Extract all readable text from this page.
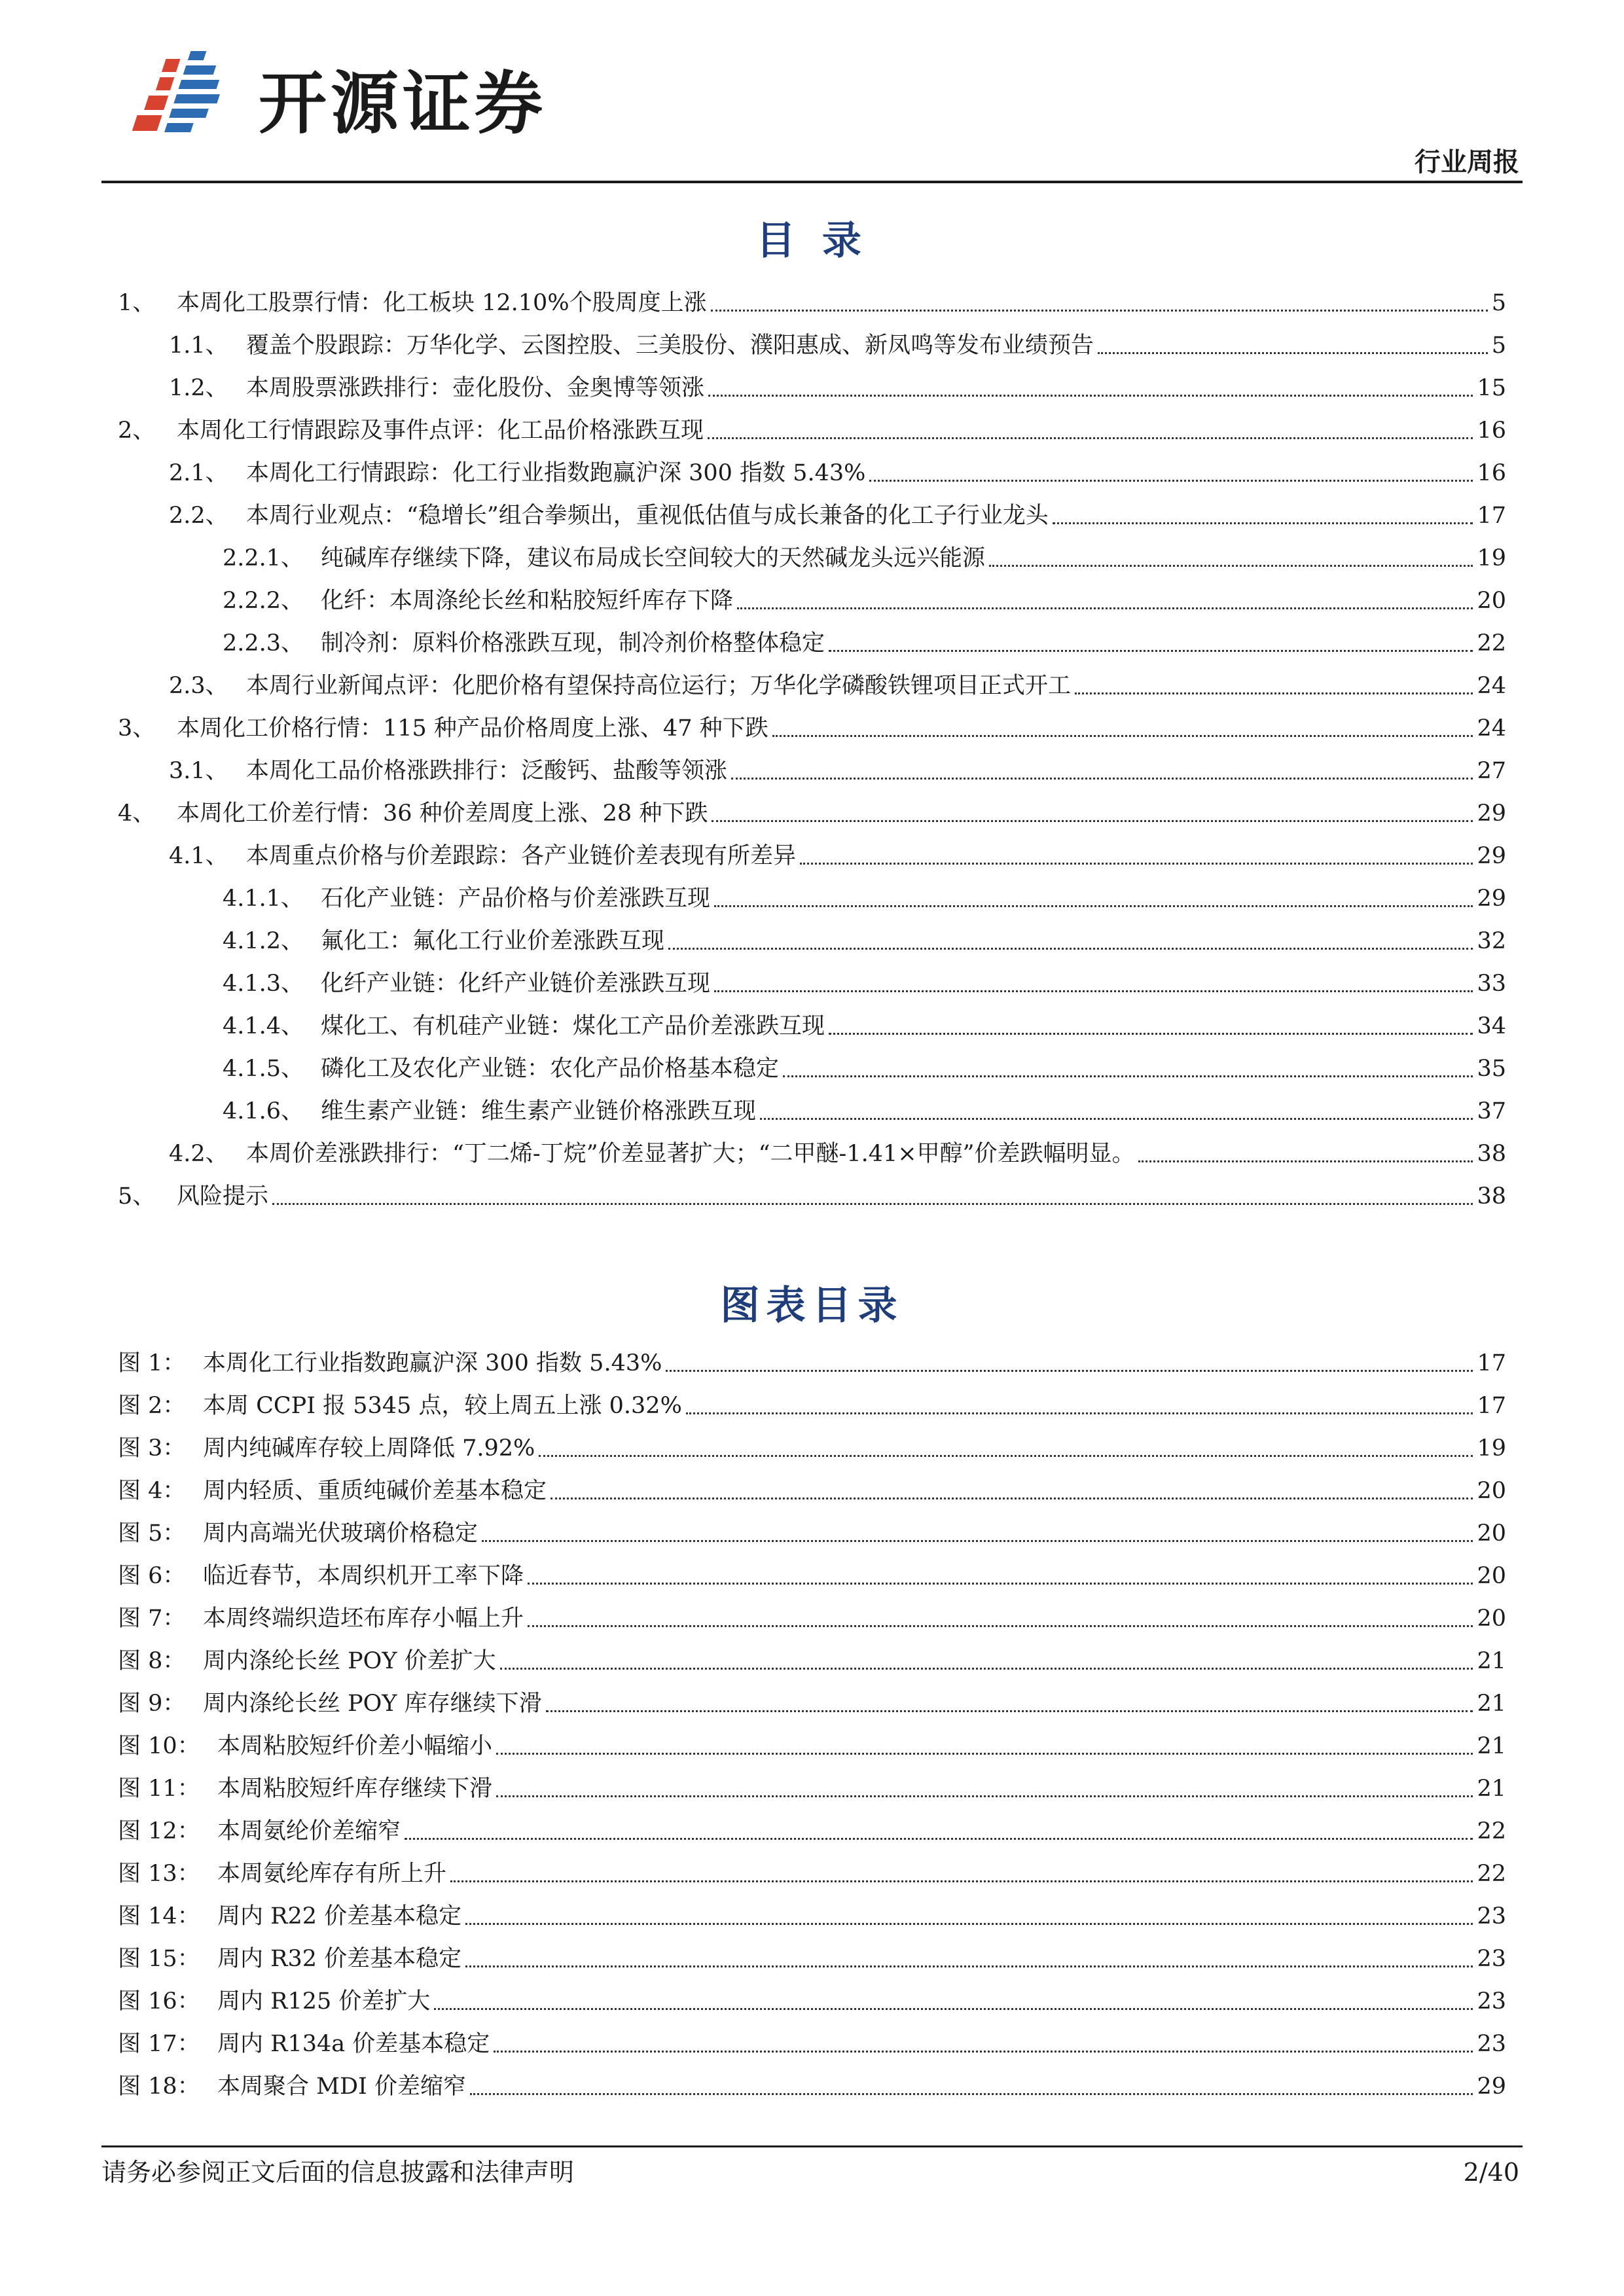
开源证券
行业周报
目 录
1、 本周化工股票行情：化工板块 12.10%个股周度上涨	5
1.1、 覆盖个股跟踪：万华化学、云图控股、三美股份、濮阳惠成、新凤鸣等发布业绩预告	5
1.2、 本周股票涨跌排行：壶化股份、金奥博等领涨	15
2、 本周化工行情跟踪及事件点评：化工品价格涨跌互现	16
2.1、 本周化工行情跟踪：化工行业指数跑赢沪深 300 指数 5.43%	16
2.2、 本周行业观点：“稳增长”组合拳频出，重视低估值与成长兼备的化工子行业龙头	17
2.2.1、 纯碱库存继续下降，建议布局成长空间较大的天然碱龙头远兴能源	19
2.2.2、 化纤：本周涤纶长丝和粘胶短纤库存下降	20
2.2.3、 制冷剂：原料价格涨跌互现，制冷剂价格整体稳定	22
2.3、 本周行业新闻点评：化肥价格有望保持高位运行；万华化学磷酸铁锂项目正式开工	24
3、 本周化工价格行情：115 种产品价格周度上涨、47 种下跌	24
3.1、 本周化工品价格涨跌排行：泛酸钙、盐酸等领涨	27
4、 本周化工价差行情：36 种价差周度上涨、28 种下跌	29
4.1、 本周重点价格与价差跟踪：各产业链价差表现有所差异	29
4.1.1、 石化产业链：产品价格与价差涨跌互现	29
4.1.2、 氟化工：氟化工行业价差涨跌互现	32
4.1.3、 化纤产业链：化纤产业链价差涨跌互现	33
4.1.4、 煤化工、有机硅产业链：煤化工产品价差涨跌互现	34
4.1.5、 磷化工及农化产业链：农化产品价格基本稳定	35
4.1.6、 维生素产业链：维生素产业链价格涨跌互现	37
4.2、 本周价差涨跌排行：“丁二烯-丁烷”价差显著扩大；“二甲醚-1.41×甲醇”价差跌幅明显。	38
5、 风险提示	38
图表目录
图 1： 本周化工行业指数跑赢沪深 300 指数 5.43%	17
图 2： 本周 CCPI 报 5345 点，较上周五上涨 0.32%	17
图 3： 周内纯碱库存较上周降低 7.92%	19
图 4： 周内轻质、重质纯碱价差基本稳定	20
图 5： 周内高端光伏玻璃价格稳定	20
图 6： 临近春节，本周织机开工率下降	20
图 7： 本周终端织造坯布库存小幅上升	20
图 8： 周内涤纶长丝 POY 价差扩大	21
图 9： 周内涤纶长丝 POY 库存继续下滑	21
图 10： 本周粘胶短纤价差小幅缩小	21
图 11： 本周粘胶短纤库存继续下滑	21
图 12： 本周氨纶价差缩窄	22
图 13： 本周氨纶库存有所上升	22
图 14： 周内 R22 价差基本稳定	23
图 15： 周内 R32 价差基本稳定	23
图 16： 周内 R125 价差扩大	23
图 17： 周内 R134a 价差基本稳定	23
图 18： 本周聚合 MDI 价差缩窄	29
请务必参阅正文后面的信息披露和法律声明	2/40
